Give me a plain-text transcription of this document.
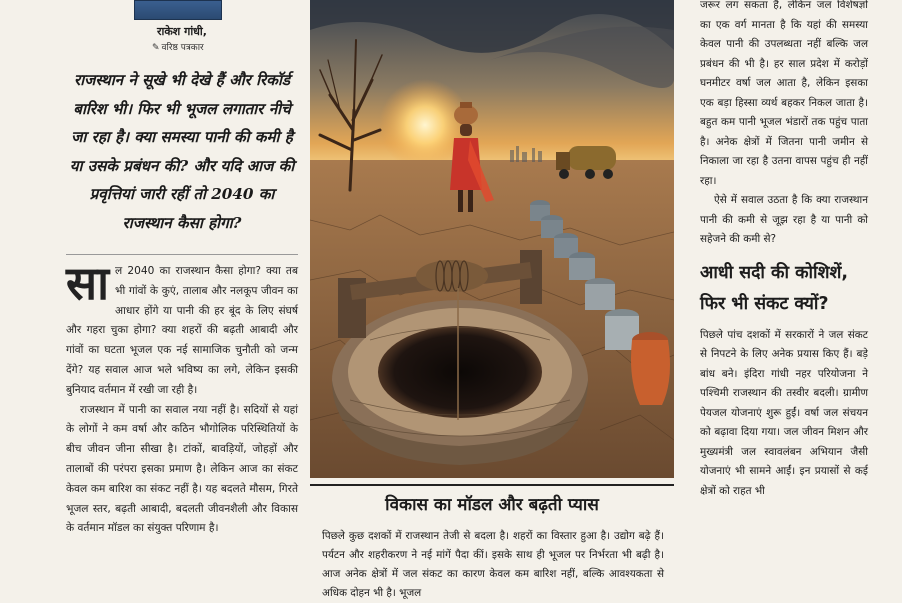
राकेश गांधी,
✎ वरिष्ठ पत्रकार
राजस्थान ने सूखे भी देखे हैं और रिकॉर्ड बारिश भी। फिर भी भूजल लगातार नीचे जा रहा है। क्या समस्या पानी की कमी है या उसके प्रबंधन की? और यदि आज की प्रवृत्तियां जारी रहीं तो 2040 का राजस्थान कैसा होगा?

साल 2040 का राजस्थान कैसा होगा? क्या तब भी गांवों के कुएं, तालाब और नलकूप जीवन का आधार होंगे या पानी की हर बूंद के लिए संघर्ष और गहरा चुका होगा? क्या शहरों की बढ़ती आबादी और गांवों का घटता भूजल एक नई सामाजिक चुनौती को जन्म देंगे? यह सवाल आज भले भविष्य का लगे, लेकिन इसकी बुनियाद वर्तमान में रखी जा रही है।

राजस्थान में पानी का सवाल नया नहीं है। सदियों से यहां के लोगों ने कम वर्षा और कठिन भौगोलिक परिस्थितियों के बीच जीवन जीना सीखा है। टांकों, बावड़ियों, जोहड़ों और तालाबों की परंपरा इसका प्रमाण है। लेकिन आज का संकट केवल कम बारिश का संकट नहीं है। यह बदलते मौसम, गिरते भूजल स्तर, बढ़ती आबादी, बदलती जीवनशैली और विकास के वर्तमान मॉडल का संयुक्त परिणाम है।

विकास का मॉडल और बढ़ती प्यास
पिछले कुछ दशकों में राजस्थान तेजी से बदला है। शहरों का विस्तार हुआ है। उद्योग बढ़े हैं। पर्यटन और शहरीकरण ने नई मांगें पैदा कीं। इसके साथ ही भूजल पर निर्भरता भी बढ़ी है। आज अनेक क्षेत्रों में जल संकट का कारण केवल कम बारिश नहीं, बल्कि आवश्यकता से अधिक दोहन भी है। भूजल

जरूर लग सकता है, लेकिन जल विशेषज्ञों का एक वर्ग मानता है कि यहां की समस्या केवल पानी की उपलब्धता नहीं बल्कि जल प्रबंधन की भी है। हर साल प्रदेश में करोड़ों घनमीटर वर्षा जल आता है, लेकिन इसका एक बड़ा हिस्सा व्यर्थ बहकर निकल जाता है। बहुत कम पानी भूजल भंडारों तक पहुंच पाता है। अनेक क्षेत्रों में जितना पानी जमीन से निकाला जा रहा है उतना वापस पहुंच ही नहीं रहा।

ऐसे में सवाल उठता है कि क्या राजस्थान पानी की कमी से जूझ रहा है या पानी को सहेजने की कमी से?

आधी सदी की कोशिशें, फिर भी संकट क्यों?
पिछले पांच दशकों में सरकारों ने जल संकट से निपटने के लिए अनेक प्रयास किए हैं। बड़े बांध बने। इंदिरा गांधी नहर परियोजना ने पश्चिमी राजस्थान की तस्वीर बदली। ग्रामीण पेयजल योजनाएं शुरू हुईं। वर्षा जल संचयन को बढ़ावा दिया गया। जल जीवन मिशन और मुख्यमंत्री जल स्वावलंबन अभियान जैसी योजनाएं भी सामने आईं। इन प्रयासों से कई क्षेत्रों को राहत भी
